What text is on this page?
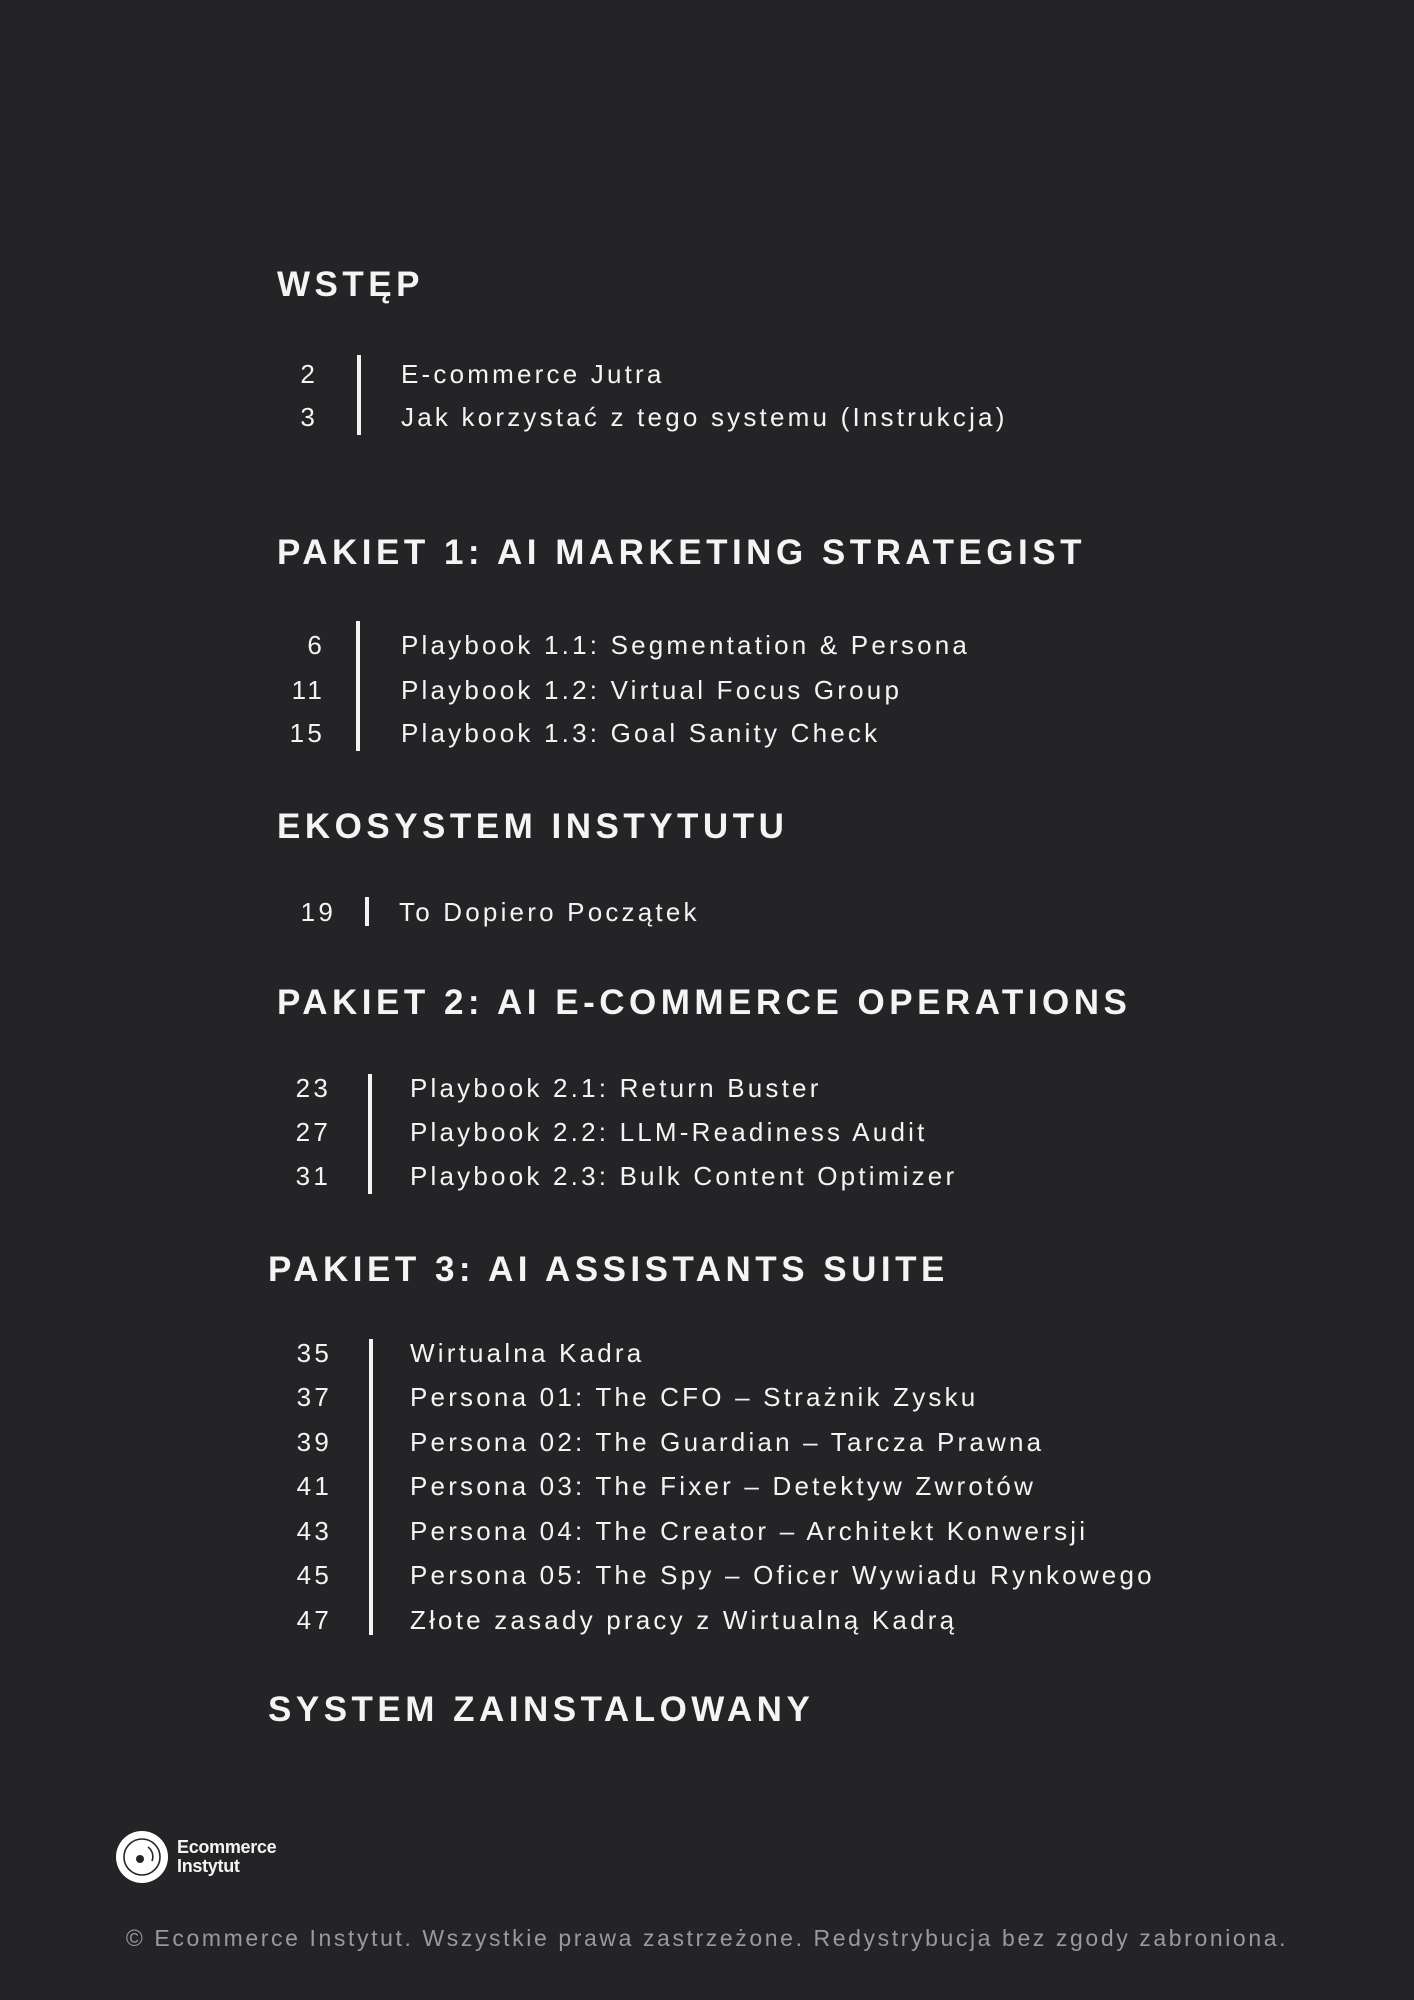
WSTĘP
2	E-commerce Jutra
3	Jak korzystać z tego systemu (Instrukcja)
PAKIET 1: AI MARKETING STRATEGIST
6	Playbook 1.1: Segmentation & Persona
11	Playbook 1.2: Virtual Focus Group
15	Playbook 1.3: Goal Sanity Check
EKOSYSTEM INSTYTUTU
19 To Dopiero Początek
PAKIET 2: AI E-COMMERCE OPERATIONS
23	Playbook 2.1: Return Buster
27	Playbook 2.2: LLM-Readiness Audit
31	Playbook 2.3: Bulk Content Optimizer
PAKIET 3: AI ASSISTANTS SUITE
35	Wirtualna Kadra
37	Persona 01: The CFO – Strażnik Zysku
39	Persona 02: The Guardian – Tarcza Prawna
41	Persona 03: The Fixer – Detektyw Zwrotów
43	Persona 04: The Creator – Architekt Konwersji
45	Persona 05: The Spy – Oficer Wywiadu Rynkowego
47	Złote zasady pracy z Wirtualną Kadrą
SYSTEM ZAINSTALOWANY
Ecommerce
Instytut
© Ecommerce Instytut. Wszystkie prawa zastrzeżone. Redystrybucja bez zgody zabroniona.
